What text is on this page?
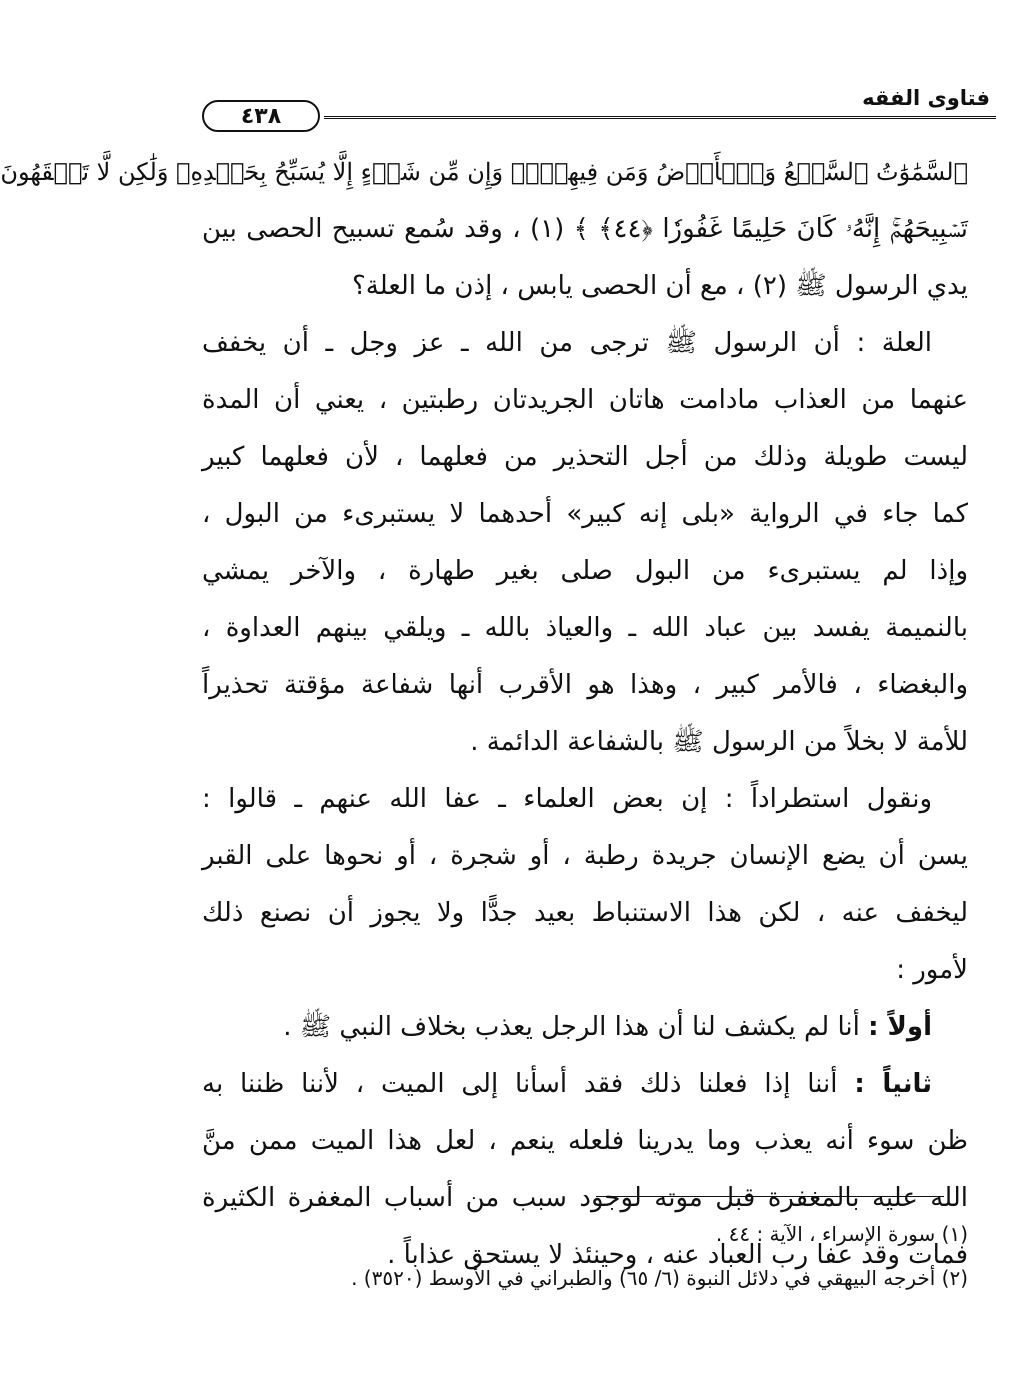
فتاوى الفقه
٤٣٨
ٱلسَّمَٰوَٰتُ ٱلسَّبۡعُ وَٱلۡأَرۡضُ وَمَن فِيهِنَّۚ وَإِن مِّن شَيۡءٍ إِلَّا يُسَبِّحُ بِحَمۡدِهِۦ وَلَٰكِن لَّا تَفۡقَهُونَ
تَسۡبِيحَهُمۡۚ إِنَّهُۥ كَانَ حَلِيمًا غَفُورٗا ﴿٤٤﴾ ﴾ (١) ، وقد سُمع تسبيح الحصى بين
يدي الرسول ﷺ (٢) ، مع أن الحصى يابس ، إذن ما العلة؟
العلة : أن الرسول ﷺ ترجى من الله ـ عز وجل ـ أن يخفف
عنهما من العذاب مادامت هاتان الجريدتان رطبتين ، يعني أن المدة
ليست طويلة وذلك من أجل التحذير من فعلهما ، لأن فعلهما كبير
كما جاء في الرواية «بلى إنه كبير» أحدهما لا يستبرىء من البول ،
وإذا لم يستبرىء من البول صلى بغير طهارة ، والآخر يمشي
بالنميمة يفسد بين عباد الله ـ والعياذ بالله ـ ويلقي بينهم العداوة ،
والبغضاء ، فالأمر كبير ، وهذا هو الأقرب أنها شفاعة مؤقتة تحذيراً
للأمة لا بخلاً من الرسول ﷺ بالشفاعة الدائمة .
ونقول استطراداً : إن بعض العلماء ـ عفا الله عنهم ـ قالوا :
يسن أن يضع الإنسان جريدة رطبة ، أو شجرة ، أو نحوها على القبر
ليخفف عنه ، لكن هذا الاستنباط بعيد جدًّا ولا يجوز أن نصنع ذلك
لأمور :
أولاً : أنا لم يكشف لنا أن هذا الرجل يعذب بخلاف النبي ﷺ .
ثانياً : أننا إذا فعلنا ذلك فقد أسأنا إلى الميت ، لأننا ظننا به
ظن سوء أنه يعذب وما يدرينا فلعله ينعم ، لعل هذا الميت ممن منَّ
الله عليه بالمغفرة قبل موته لوجود سبب من أسباب المغفرة الكثيرة
فمات وقد عفا رب العباد عنه ، وحينئذ لا يستحق عذاباً .
(١) سورة الإسراء ، الآية : ٤٤ .
(٢) أخرجه البيهقي في دلائل النبوة (٦/ ٦٥) والطبراني في الأوسط (٣٥٢٠) .
